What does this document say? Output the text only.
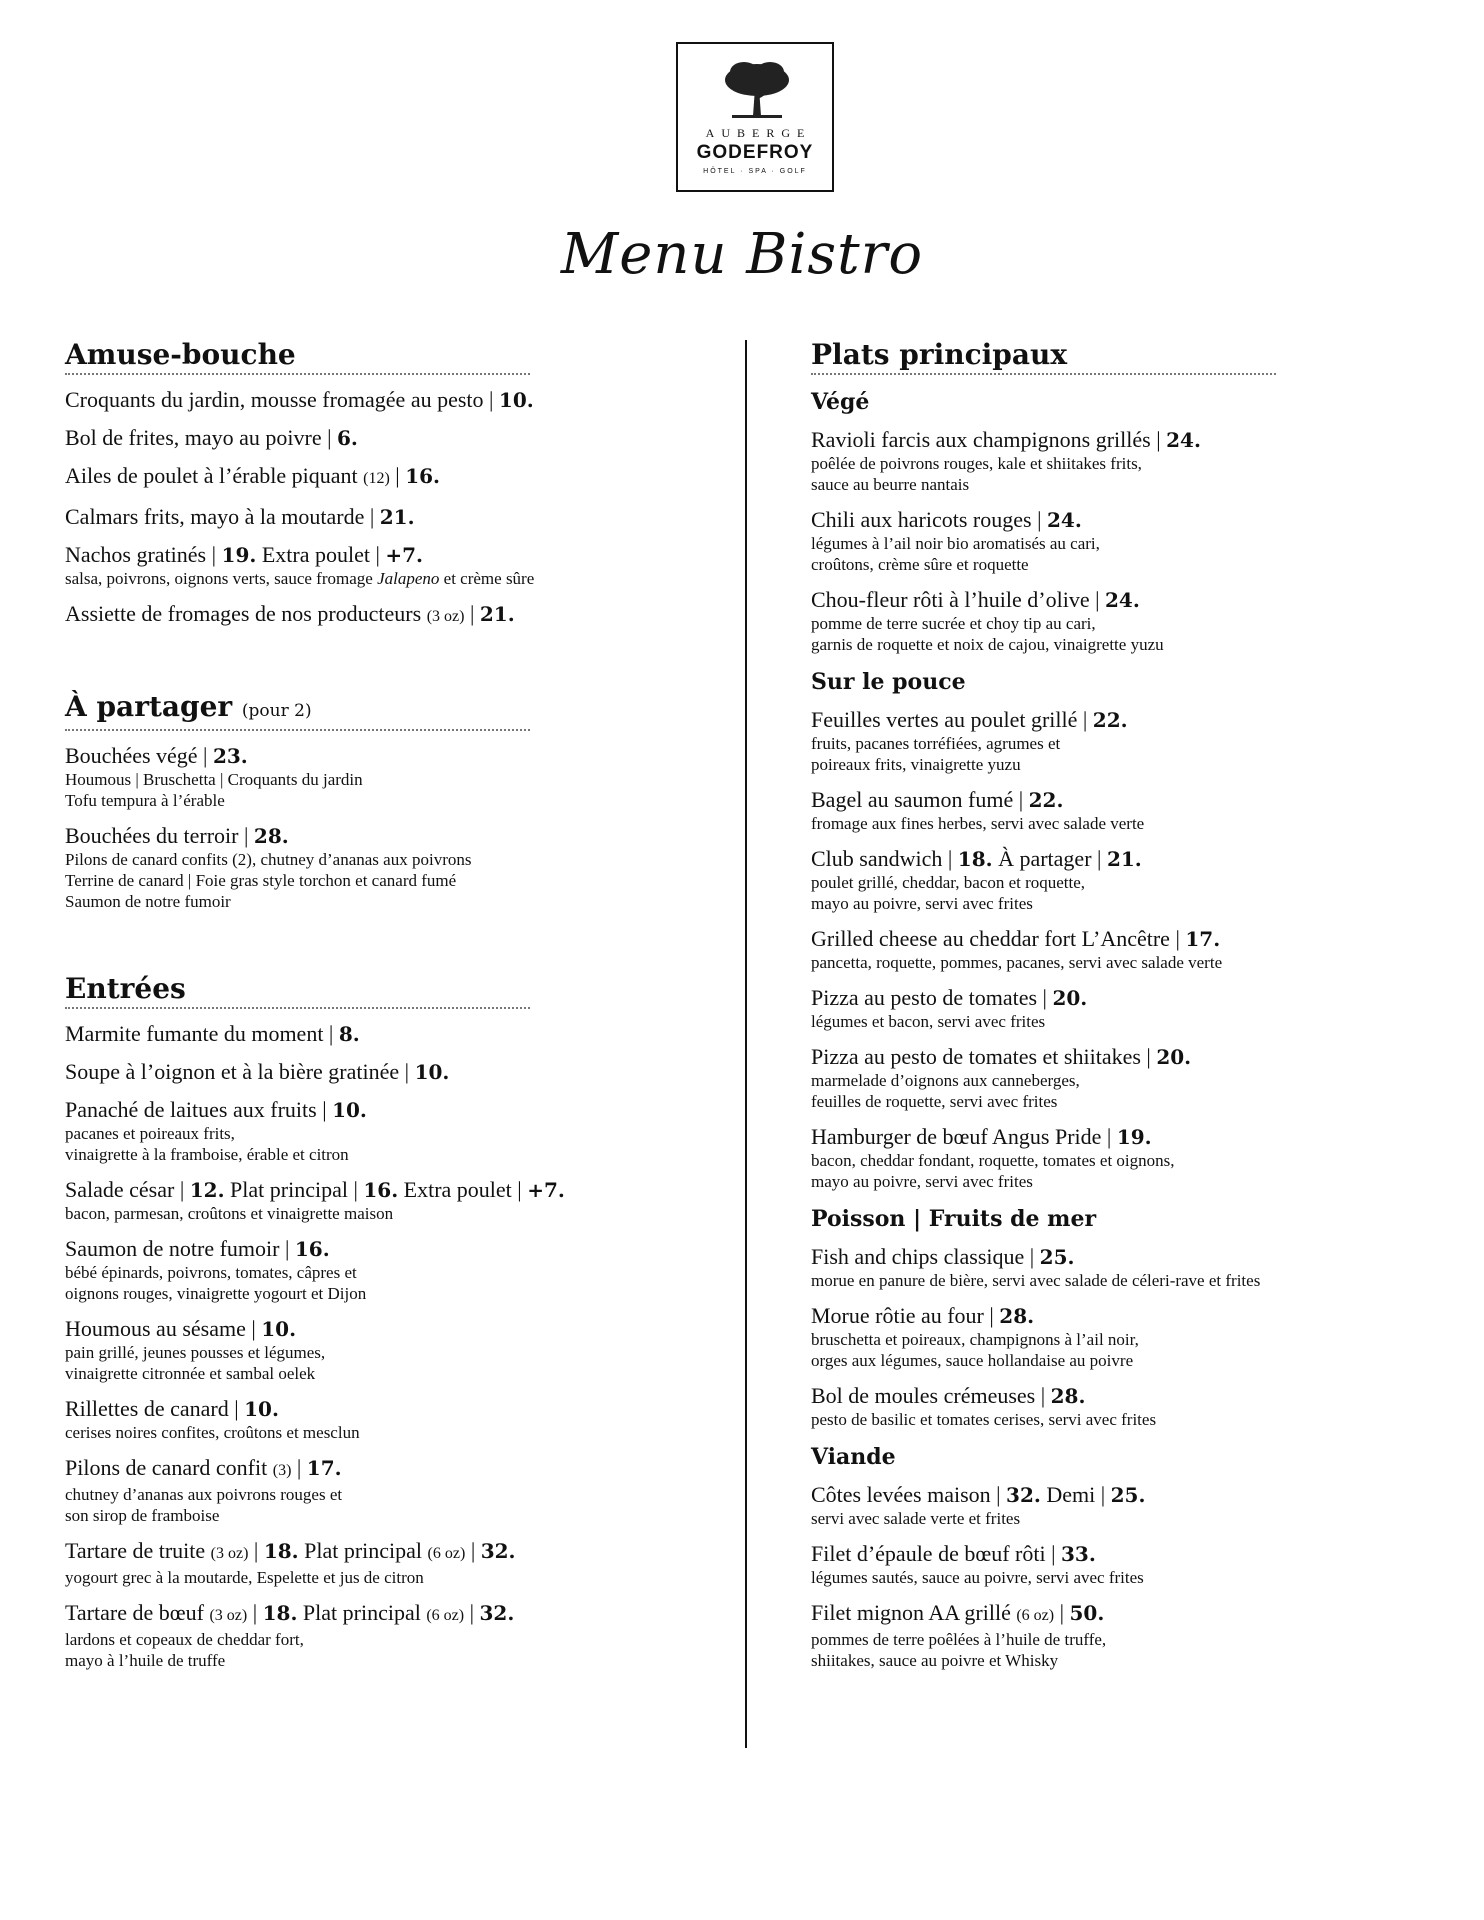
AUBERGE
GODEFROY
HÔTEL · SPA · GOLF
Menu Bistro
Amuse-bouche
Croquants du jardin, mousse fromagée au pesto | 10.
Bol de frites, mayo au poivre | 6.
Ailes de poulet à l’érable piquant (12) | 16.
Calmars frits, mayo à la moutarde | 21.
Nachos gratinés | 19. Extra poulet | +7.
salsa, poivrons, oignons verts, sauce fromage Jalapeno et crème sûre
Assiette de fromages de nos producteurs (3 oz) | 21.
À partager (pour 2)
Bouchées végé | 23.
Houmous | Bruschetta | Croquants du jardin
Tofu tempura à l’érable
Bouchées du terroir | 28.
Pilons de canard confits (2), chutney d’ananas aux poivrons
Terrine de canard | Foie gras style torchon et canard fumé
Saumon de notre fumoir
Entrées
Marmite fumante du moment | 8.
Soupe à l’oignon et à la bière gratinée | 10.
Panaché de laitues aux fruits | 10.
pacanes et poireaux frits,
vinaigrette à la framboise, érable et citron
Salade césar | 12. Plat principal | 16. Extra poulet | +7.
bacon, parmesan, croûtons et vinaigrette maison
Saumon de notre fumoir | 16.
bébé épinards, poivrons, tomates, câpres et
oignons rouges, vinaigrette yogourt et Dijon
Houmous au sésame | 10.
pain grillé, jeunes pousses et légumes,
vinaigrette citronnée et sambal oelek
Rillettes de canard | 10.
cerises noires confites, croûtons et mesclun
Pilons de canard confit (3) | 17.
chutney d’ananas aux poivrons rouges et
son sirop de framboise
Tartare de truite (3 oz) | 18. Plat principal (6 oz) | 32.
yogourt grec à la moutarde, Espelette et jus de citron
Tartare de bœuf (3 oz) | 18. Plat principal (6 oz) | 32.
lardons et copeaux de cheddar fort,
mayo à l’huile de truffe
Plats principaux
Végé
Ravioli farcis aux champignons grillés | 24.
poêlée de poivrons rouges, kale et shiitakes frits,
sauce au beurre nantais
Chili aux haricots rouges | 24.
légumes à l’ail noir bio aromatisés au cari,
croûtons, crème sûre et roquette
Chou-fleur rôti à l’huile d’olive | 24.
pomme de terre sucrée et choy tip au cari,
garnis de roquette et noix de cajou, vinaigrette yuzu
Sur le pouce
Feuilles vertes au poulet grillé | 22.
fruits, pacanes torréfiées, agrumes et
poireaux frits, vinaigrette yuzu
Bagel au saumon fumé | 22.
fromage aux fines herbes, servi avec salade verte
Club sandwich | 18. À partager | 21.
poulet grillé, cheddar, bacon et roquette,
mayo au poivre, servi avec frites
Grilled cheese au cheddar fort L’Ancêtre | 17.
pancetta, roquette, pommes, pacanes, servi avec salade verte
Pizza au pesto de tomates | 20.
légumes et bacon, servi avec frites
Pizza au pesto de tomates et shiitakes | 20.
marmelade d’oignons aux canneberges,
feuilles de roquette, servi avec frites
Hamburger de bœuf Angus Pride | 19.
bacon, cheddar fondant, roquette, tomates et oignons,
mayo au poivre, servi avec frites
Poisson | Fruits de mer
Fish and chips classique | 25.
morue en panure de bière, servi avec salade de céleri-rave et frites
Morue rôtie au four | 28.
bruschetta et poireaux, champignons à l’ail noir,
orges aux légumes, sauce hollandaise au poivre
Bol de moules crémeuses | 28.
pesto de basilic et tomates cerises, servi avec frites
Viande
Côtes levées maison | 32. Demi | 25.
servi avec salade verte et frites
Filet d’épaule de bœuf rôti | 33.
légumes sautés, sauce au poivre, servi avec frites
Filet mignon AA grillé (6 oz) | 50.
pommes de terre poêlées à l’huile de truffe,
shiitakes, sauce au poivre et Whisky
